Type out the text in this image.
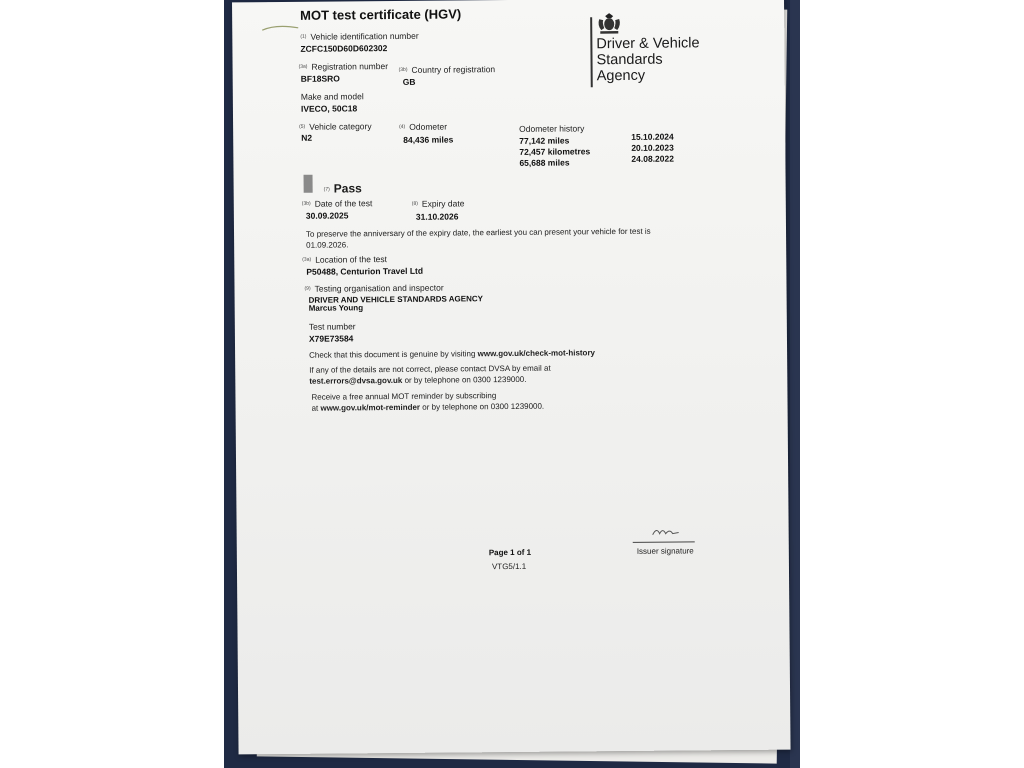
MOT test certificate (HGV)
Driver & Vehicle
Standards
Agency
$^{(1)}$ Vehicle identification number
ZCFC150D60D602302
$^{(3a)}$ Registration number
BF18SRO
$^{(3b)}$ Country of registration
GB
Make and model
IVECO, 50C18
$^{(5)}$ Vehicle category
N2
$^{(4)}$ Odometer
84,436 miles
Odometer history
77,142 miles	15.10.2024
72,457 kilometres	20.10.2023
65,688 miles	24.08.2022
(7) Pass
$^{(3b)}$ Date of the test
30.09.2025
$^{(8)}$ Expiry date
31.10.2026
To preserve the anniversary of the expiry date, the earliest you can present your vehicle for test is
01.09.2026.
$^{(3a)}$ Location of the test
P50488, Centurion Travel Ltd
$^{(9)}$ Testing organisation and inspector
DRIVER AND VEHICLE STANDARDS AGENCY
Marcus Young
Test number
X79E73584
Check that this document is genuine by visiting www.gov.uk/check-mot-history
If any of the details are not correct, please contact DVSA by email at
test.errors@dvsa.gov.uk or by telephone on 0300 1239000.
Receive a free annual MOT reminder by subscribing
at www.gov.uk/mot-reminder or by telephone on 0300 1239000.
Page 1 of 1
VTG5/1.1
Issuer signature
